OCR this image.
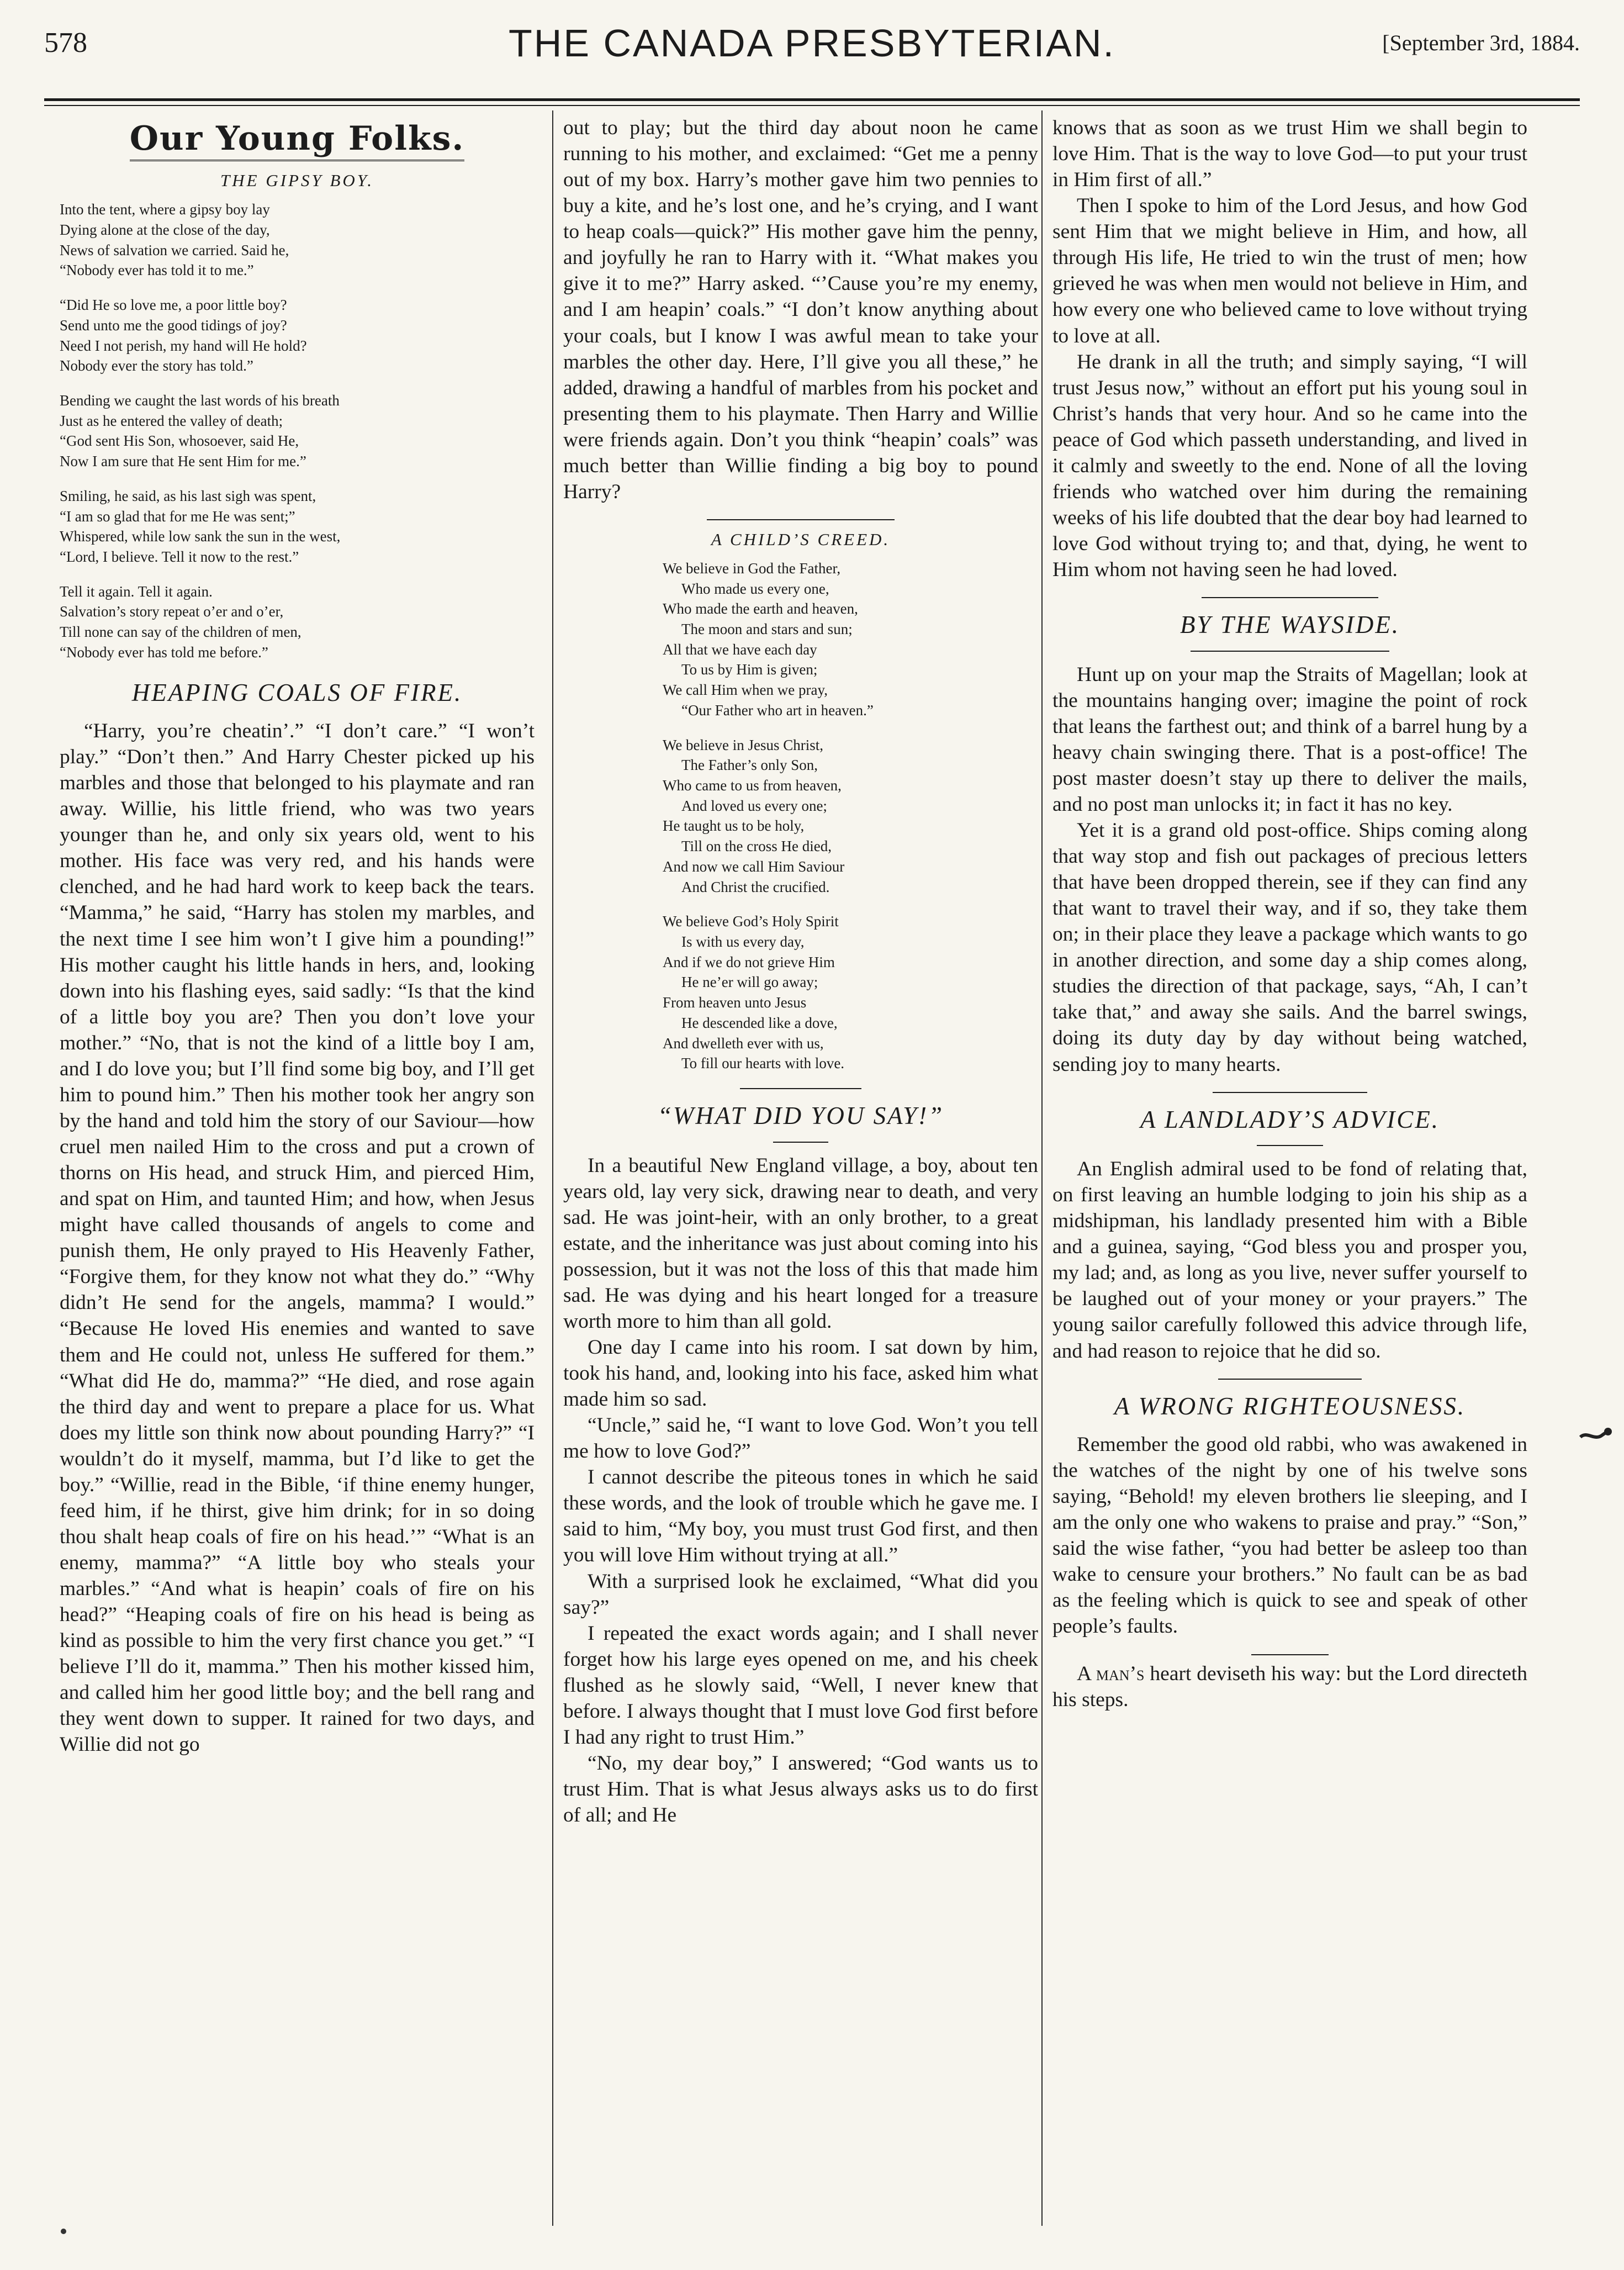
578	THE CANADA PRESBYTERIAN.	[September 3rd, 1884.
Our Young Folks.
THE GIPSY BOY.
Into the tent, where a gipsy boy lay
Dying alone at the close of the day,
News of salvation we carried. Said he,
“Nobody ever has told it to me.”
“Did He so love me, a poor little boy?
Send unto me the good tidings of joy?
Need I not perish, my hand will He hold?
Nobody ever the story has told.”
Bending we caught the last words of his breath
Just as he entered the valley of death;
“God sent His Son, whosoever, said He,
Now I am sure that He sent Him for me.”
Smiling, he said, as his last sigh was spent,
“I am so glad that for me He was sent;”
Whispered, while low sank the sun in the west,
“Lord, I believe. Tell it now to the rest.”
Tell it again. Tell it again.
Salvation’s story repeat o’er and o’er,
Till none can say of the children of men,
“Nobody ever has told me before.”
HEAPING COALS OF FIRE.

“Harry, you’re cheatin’.” “I don’t care.” “I won’t play.” “Don’t then.” And Harry Chester picked up his marbles and those that belonged to his playmate and ran away. Willie, his little friend, who was two years younger than he, and only six years old, went to his mother. His face was very red, and his hands were clenched, and he had hard work to keep back the tears. “Mamma,” he said, “Harry has stolen my marbles, and the next time I see him won’t I give him a pounding!” His mother caught his little hands in hers, and, looking down into his flashing eyes, said sadly: “Is that the kind of a little boy you are? Then you don’t love your mother.” “No, that is not the kind of a little boy I am, and I do love you; but I’ll find some big boy, and I’ll get him to pound him.” Then his mother took her angry son by the hand and told him the story of our Saviour—how cruel men nailed Him to the cross and put a crown of thorns on His head, and struck Him, and pierced Him, and spat on Him, and taunted Him; and how, when Jesus might have called thousands of angels to come and punish them, He only prayed to His Heavenly Father, “Forgive them, for they know not what they do.” “Why didn’t He send for the angels, mamma? I would.” “Because He loved His enemies and wanted to save them and He could not, unless He suffered for them.” “What did He do, mamma?” “He died, and rose again the third day and went to prepare a place for us. What does my little son think now about pounding Harry?” “I wouldn’t do it myself, mamma, but I’d like to get the boy.” “Willie, read in the Bible, ‘if thine enemy hunger, feed him, if he thirst, give him drink; for in so doing thou shalt heap coals of fire on his head.’” “What is an enemy, mamma?” “A little boy who steals your marbles.” “And what is heapin’ coals of fire on his head?” “Heaping coals of fire on his head is being as kind as possible to him the very first chance you get.” “I believe I’ll do it, mamma.” Then his mother kissed him, and called him her good little boy; and the bell rang and they went down to supper. It rained for two days, and Willie did not go

out to play; but the third day about noon he came running to his mother, and exclaimed: “Get me a penny out of my box. Harry’s mother gave him two pennies to buy a kite, and he’s lost one, and he’s crying, and I want to heap coals—quick?” His mother gave him the penny, and joyfully he ran to Harry with it. “What makes you give it to me?” Harry asked. “’Cause you’re my enemy, and I am heapin’ coals.” “I don’t know anything about your coals, but I know I was awful mean to take your marbles the other day. Here, I’ll give you all these,” he added, drawing a handful of marbles from his pocket and presenting them to his playmate. Then Harry and Willie were friends again. Don’t you think “heapin’ coals” was much better than Willie finding a big boy to pound Harry?

A CHILD’S CREED.
We believe in God the Father,
Who made us every one,
Who made the earth and heaven,
The moon and stars and sun;
All that we have each day
To us by Him is given;
We call Him when we pray,
“Our Father who art in heaven.”
We believe in Jesus Christ,
The Father’s only Son,
Who came to us from heaven,
And loved us every one;
He taught us to be holy,
Till on the cross He died,
And now we call Him Saviour
And Christ the crucified.
We believe God’s Holy Spirit
Is with us every day,
And if we do not grieve Him
He ne’er will go away;
From heaven unto Jesus
He descended like a dove,
And dwelleth ever with us,
To fill our hearts with love.
“WHAT DID YOU SAY!”

In a beautiful New England village, a boy, about ten years old, lay very sick, drawing near to death, and very sad. He was joint-heir, with an only brother, to a great estate, and the inheritance was just about coming into his possession, but it was not the loss of this that made him sad. He was dying and his heart longed for a treasure worth more to him than all gold.

One day I came into his room. I sat down by him, took his hand, and, looking into his face, asked him what made him so sad.

“Uncle,” said he, “I want to love God. Won’t you tell me how to love God?”

I cannot describe the piteous tones in which he said these words, and the look of trouble which he gave me. I said to him, “My boy, you must trust God first, and then you will love Him without trying at all.”

With a surprised look he exclaimed, “What did you say?”

I repeated the exact words again; and I shall never forget how his large eyes opened on me, and his cheek flushed as he slowly said, “Well, I never knew that before. I always thought that I must love God first before I had any right to trust Him.”

“No, my dear boy,” I answered; “God wants us to trust Him. That is what Jesus always asks us to do first of all; and He

knows that as soon as we trust Him we shall begin to love Him. That is the way to love God—to put your trust in Him first of all.”

Then I spoke to him of the Lord Jesus, and how God sent Him that we might believe in Him, and how, all through His life, He tried to win the trust of men; how grieved he was when men would not believe in Him, and how every one who believed came to love without trying to love at all.

He drank in all the truth; and simply saying, “I will trust Jesus now,” without an effort put his young soul in Christ’s hands that very hour. And so he came into the peace of God which passeth understanding, and lived in it calmly and sweetly to the end. None of all the loving friends who watched over him during the remaining weeks of his life doubted that the dear boy had learned to love God without trying to; and that, dying, he went to Him whom not having seen he had loved.

BY THE WAYSIDE.

Hunt up on your map the Straits of Magellan; look at the mountains hanging over; imagine the point of rock that leans the farthest out; and think of a barrel hung by a heavy chain swinging there. That is a post-office! The post master doesn’t stay up there to deliver the mails, and no post man unlocks it; in fact it has no key.

Yet it is a grand old post-office. Ships coming along that way stop and fish out packages of precious letters that have been dropped therein, see if they can find any that want to travel their way, and if so, they take them on; in their place they leave a package which wants to go in another direction, and some day a ship comes along, studies the direction of that package, says, “Ah, I can’t take that,” and away she sails. And the barrel swings, doing its duty day by day without being watched, sending joy to many hearts.

A LANDLADY’S ADVICE.

An English admiral used to be fond of relating that, on first leaving an humble lodging to join his ship as a midshipman, his landlady presented him with a Bible and a guinea, saying, “God bless you and prosper you, my lad; and, as long as you live, never suffer yourself to be laughed out of your money or your prayers.” The young sailor carefully followed this advice through life, and had reason to rejoice that he did so.

A WRONG RIGHTEOUSNESS.

Remember the good old rabbi, who was awakened in the watches of the night by one of his twelve sons saying, “Behold! my eleven brothers lie sleeping, and I am the only one who wakens to praise and pray.” “Son,” said the wise father, “you had better be asleep too than wake to censure your brothers.” No fault can be as bad as the feeling which is quick to see and speak of other people’s faults.

A man’s heart deviseth his way: but the Lord directeth his steps.
